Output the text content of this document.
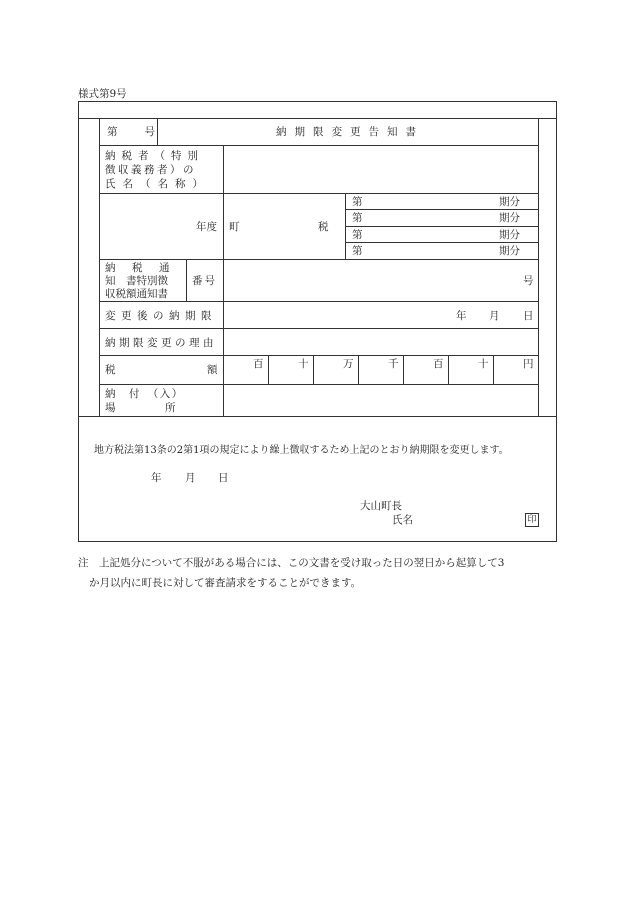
様式第9号
第　　号	納期限変更告知書
納税者（特別
徴収義務者）の
氏名（名称）
年度 町	税
第	期分
第	期分
第	期分
第	期分
納　税　通
知　書特別徴
収税額通知書
番号	号
変更後の納期限	年 月 日
納期限変更の理由
税	額	百	十	万	千	百	十	円
納　付　（入）
場　　　　所
地方税法第13条の2第1項の規定により繰上徴収するため上記のとおり納期限を変更します。
年 月 日
大山町長
氏名	印
注　上記処分について不服がある場合には、この文書を受け取った日の翌日から起算して3
か月以内に町長に対して審査請求をすることができます。
